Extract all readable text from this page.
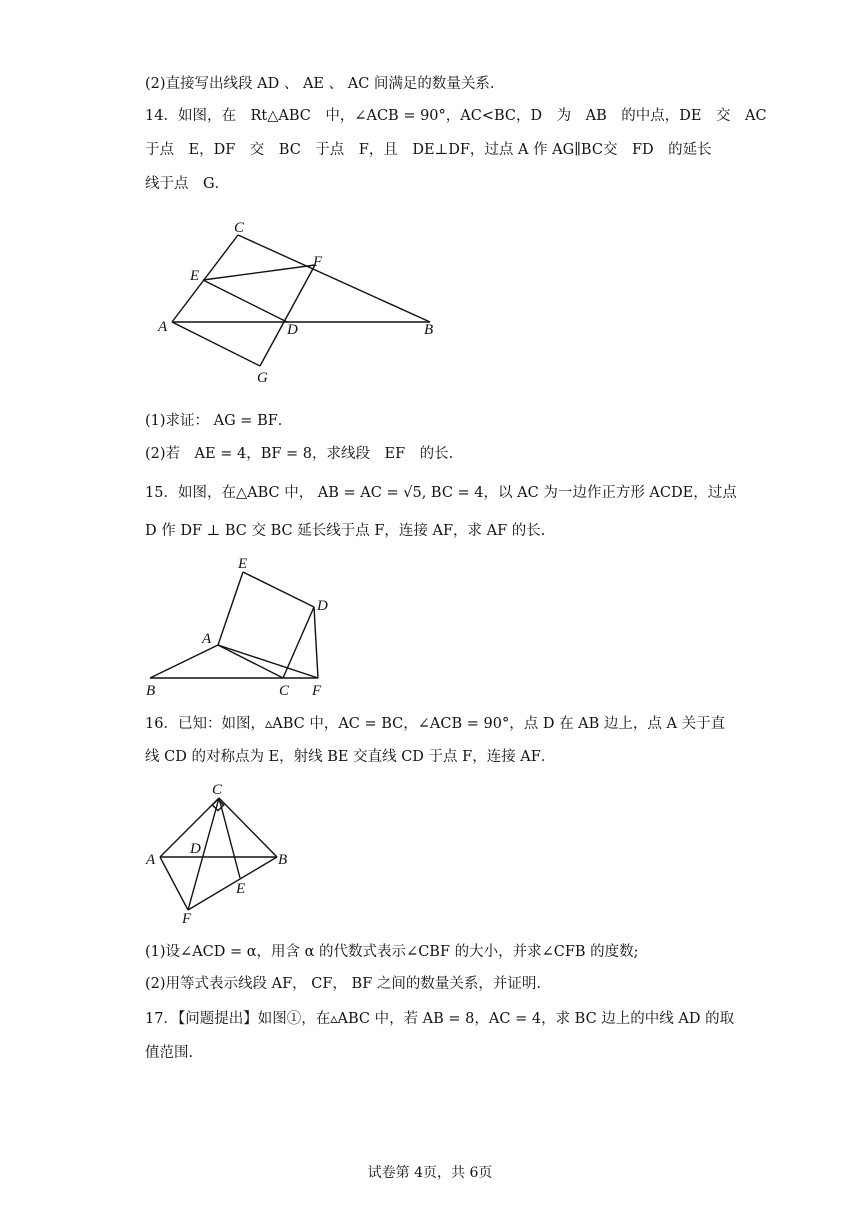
(2)直接写出线段 AD 、 AE 、 AC 间满足的数量关系.
14．如图，在　Rt△ABC　中，∠ACB = 90°，AC<BC，D　为　AB　的中点，DE　交　AC
于点　E，DF　交　BC　于点　F，且　DE⊥DF，过点 A 作 AG∥BC交　FD　的延长
线于点　G．
C
E
F
A	D	B
G
(1)求证： AG = BF．
(2)若　AE = 4，BF = 8，求线段　EF　的长.
15．如图，在△ABC 中， AB = AC = √5, BC = 4，以 AC 为一边作正方形 ACDE，过点
D 作 DF ⊥ BC 交 BC 延长线于点 F，连接 AF，求 AF 的长.
E
D
A
B	C F
16．已知：如图，▵ABC 中，AC = BC，∠ACB = 90°，点 D 在 AB 边上，点 A 关于直
线 CD 的对称点为 E，射线 BE 交直线 CD 于点 F，连接 AF．
C
A
D
B
E
F
(1)设∠ACD = α，用含 α 的代数式表示∠CBF 的大小，并求∠CFB 的度数;
(2)用等式表示线段 AF， CF， BF 之间的数量关系，并证明.
17．【问题提出】如图①，在▵ABC 中，若 AB = 8，AC = 4，求 BC 边上的中线 AD 的取
值范围.
试卷第 4页，共 6页
